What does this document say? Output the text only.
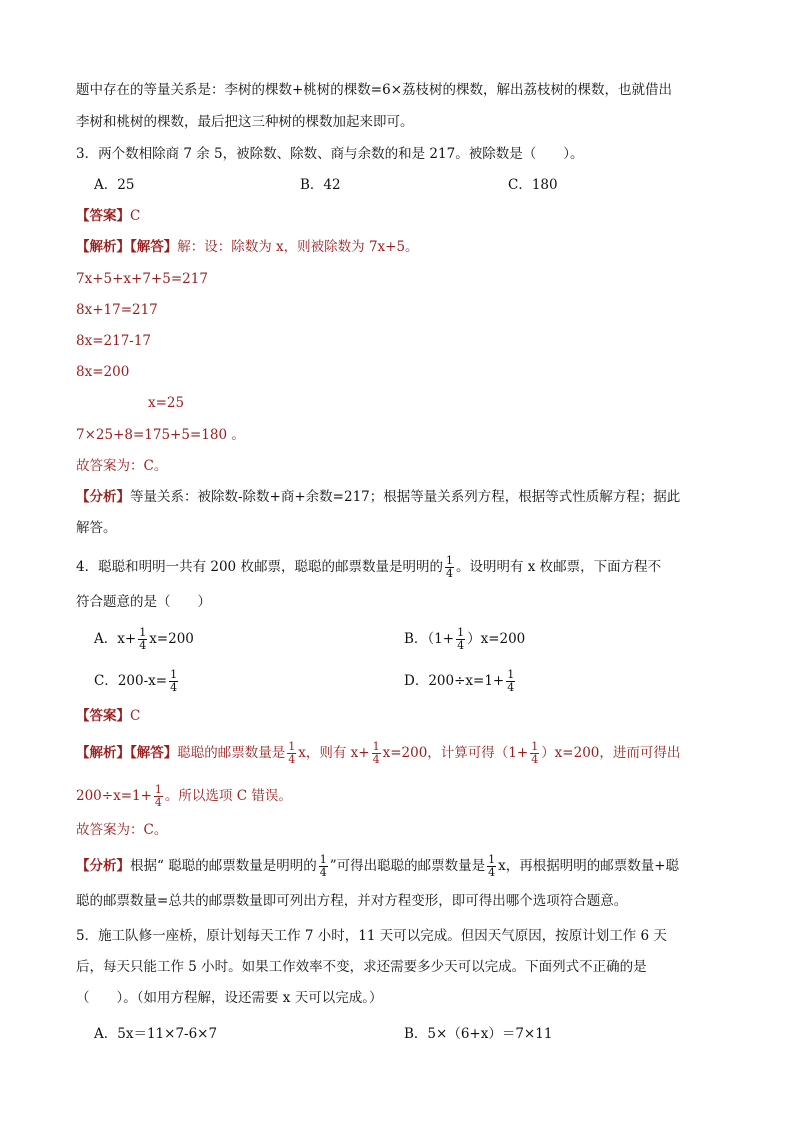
题中存在的等量关系是：李树的棵数+桃树的棵数=6×荔枝树的棵数，解出荔枝树的棵数，也就借出
李树和桃树的棵数，最后把这三种树的棵数加起来即可。
3．两个数相除商 7 余 5，被除数、除数、商与余数的和是 217。被除数是（　　）。
A．25	B．42	C．180
【答案】C
【解析】【解答】解：设：除数为 x，则被除数为 7x+5。
7x+5+x+7+5=217
8x+17=217
8x=217-17
8x=200
x=25
7×25+8=175+5=180 。
故答案为：C。
【分析】等量关系：被除数-除数+商+余数=217；根据等量关系列方程，根据等式性质解方程；据此
解答。
4．聪聪和明明一共有 200 枚邮票，聪聪的邮票数量是明明的 $\frac{1}{4}$ 。设明明有 x 枚邮票，下面方程不
符合题意的是（　　）
A．$x+ \frac{1}{4} x=200$	B．$(1+ \frac{1}{4} )x=200$
C．$200-x= \frac{1}{4}$	D．$200\div x=1+ \frac{1}{4}$
【答案】C
【解析】【解答】聪聪的邮票数量是 $\frac{1}{4}$ x，则有 $x+ \frac{1}{4} x=200$，计算可得$(1+ \frac{1}{4} )x=200$，进而可得出
$200\div x=1+ \frac{1}{4}$ 。所以选项 C 错误。
故答案为：C。
【分析】根据“ 聪聪的邮票数量是明明的 $\frac{1}{4}$ ”可得出聪聪的邮票数量是 $\frac{1}{4}$ x，再根据明明的邮票数量+聪
聪的邮票数量=总共的邮票数量即可列出方程，并对方程变形，即可得出哪个选项符合题意。
5．施工队修一座桥，原计划每天工作 7 小时，11 天可以完成。但因天气原因，按原计划工作 6 天
后，每天只能工作 5 小时。如果工作效率不变，求还需要多少天可以完成。下面列式不正确的是
（　　）。（如用方程解，设还需要 x 天可以完成。）
A．5x＝11×7-6×7	B．5×（6+x）＝7×11
